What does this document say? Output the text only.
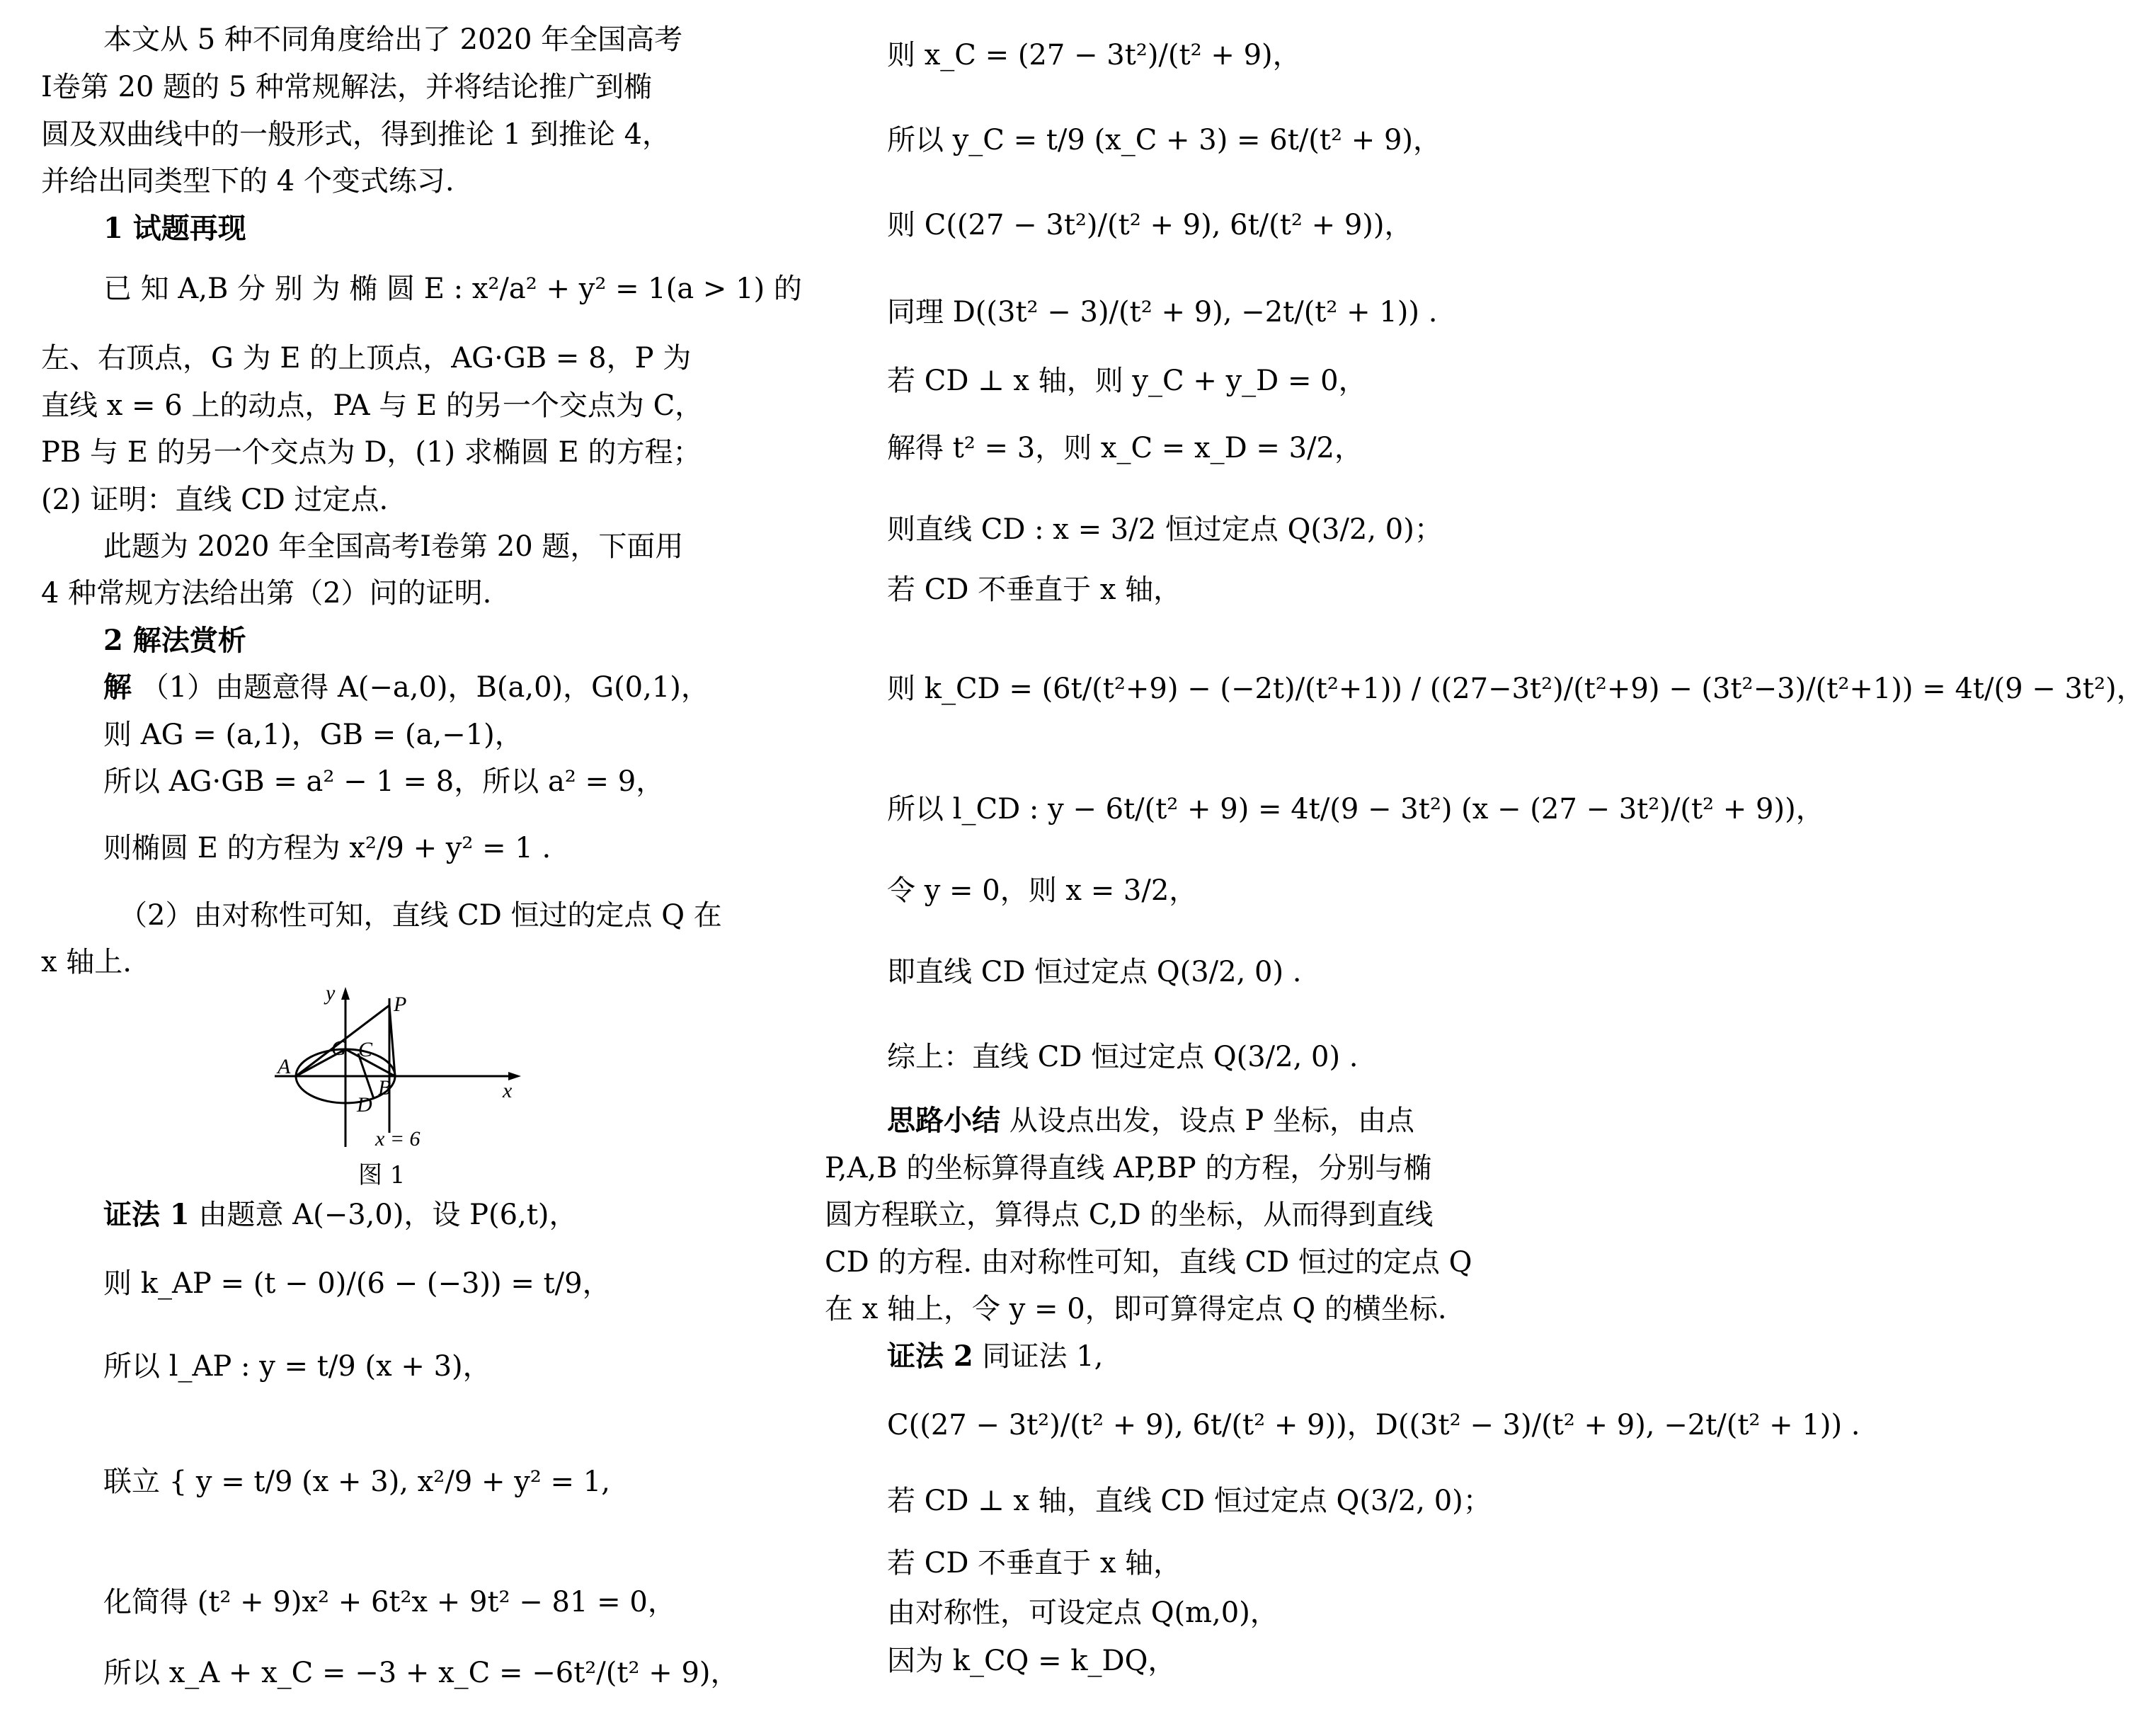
本文从 5 种不同角度给出了 2020 年全国高考
Ⅰ卷第 20 题的 5 种常规解法，并将结论推广到椭
圆及双曲线中的一般形式，得到推论 1 到推论 4，
并给出同类型下的 4 个变式练习.
1 试题再现
已 知 A,B 分 别 为 椭 圆 E : x²/a² + y² = 1(a > 1) 的
左、右顶点，G 为 E 的上顶点，AG·GB = 8，P 为
直线 x = 6 上的动点，PA 与 E 的另一个交点为 C，
PB 与 E 的另一个交点为 D，(1) 求椭圆 E 的方程；
(2) 证明：直线 CD 过定点.
此题为 2020 年全国高考Ⅰ卷第 20 题，下面用
4 种常规方法给出第（2）问的证明.
2 解法赏析
解 （1）由题意得 A(−a,0)，B(a,0)，G(0,1)，
则 AG = (a,1)，GB = (a,−1)，
所以 AG·GB = a² − 1 = 8，所以 a² = 9，
则椭圆 E 的方程为 x²/9 + y² = 1 .
（2）由对称性可知，直线 CD 恒过的定点 Q 在
x 轴上.
y	P
G C
A
B	x
D
x = 6
图 1
证法 1 由题意 A(−3,0)，设 P(6,t)，
则 k_AP = (t − 0)/(6 − (−3)) = t/9，
所以 l_AP : y = t/9 (x + 3)，
联立 { y = t/9 (x + 3), x²/9 + y² = 1,
化简得 (t² + 9)x² + 6t²x + 9t² − 81 = 0，
所以 x_A + x_C = −3 + x_C = −6t²/(t² + 9)，
则 x_C = (27 − 3t²)/(t² + 9)，
所以 y_C = t/9 (x_C + 3) = 6t/(t² + 9)，
则 C((27 − 3t²)/(t² + 9), 6t/(t² + 9))，
同理 D((3t² − 3)/(t² + 9), −2t/(t² + 1)) .
若 CD ⊥ x 轴，则 y_C + y_D = 0，
解得 t² = 3，则 x_C = x_D = 3/2，
则直线 CD : x = 3/2 恒过定点 Q(3/2, 0)；
若 CD 不垂直于 x 轴，
则 k_CD = (6t/(t²+9) − (−2t)/(t²+1)) / ((27−3t²)/(t²+9) − (3t²−3)/(t²+1)) = 4t/(9 − 3t²)，
所以 l_CD : y − 6t/(t² + 9) = 4t/(9 − 3t²) (x − (27 − 3t²)/(t² + 9))，
令 y = 0，则 x = 3/2，
即直线 CD 恒过定点 Q(3/2, 0) .
综上：直线 CD 恒过定点 Q(3/2, 0) .
思路小结 从设点出发，设点 P 坐标，由点
P,A,B 的坐标算得直线 AP,BP 的方程，分别与椭
圆方程联立，算得点 C,D 的坐标，从而得到直线
CD 的方程. 由对称性可知，直线 CD 恒过的定点 Q
在 x 轴上，令 y = 0，即可算得定点 Q 的横坐标.
证法 2 同证法 1,
C((27 − 3t²)/(t² + 9), 6t/(t² + 9))，D((3t² − 3)/(t² + 9), −2t/(t² + 1)) .
若 CD ⊥ x 轴，直线 CD 恒过定点 Q(3/2, 0)；
若 CD 不垂直于 x 轴，
由对称性，可设定点 Q(m,0)，
因为 k_CQ = k_DQ，
